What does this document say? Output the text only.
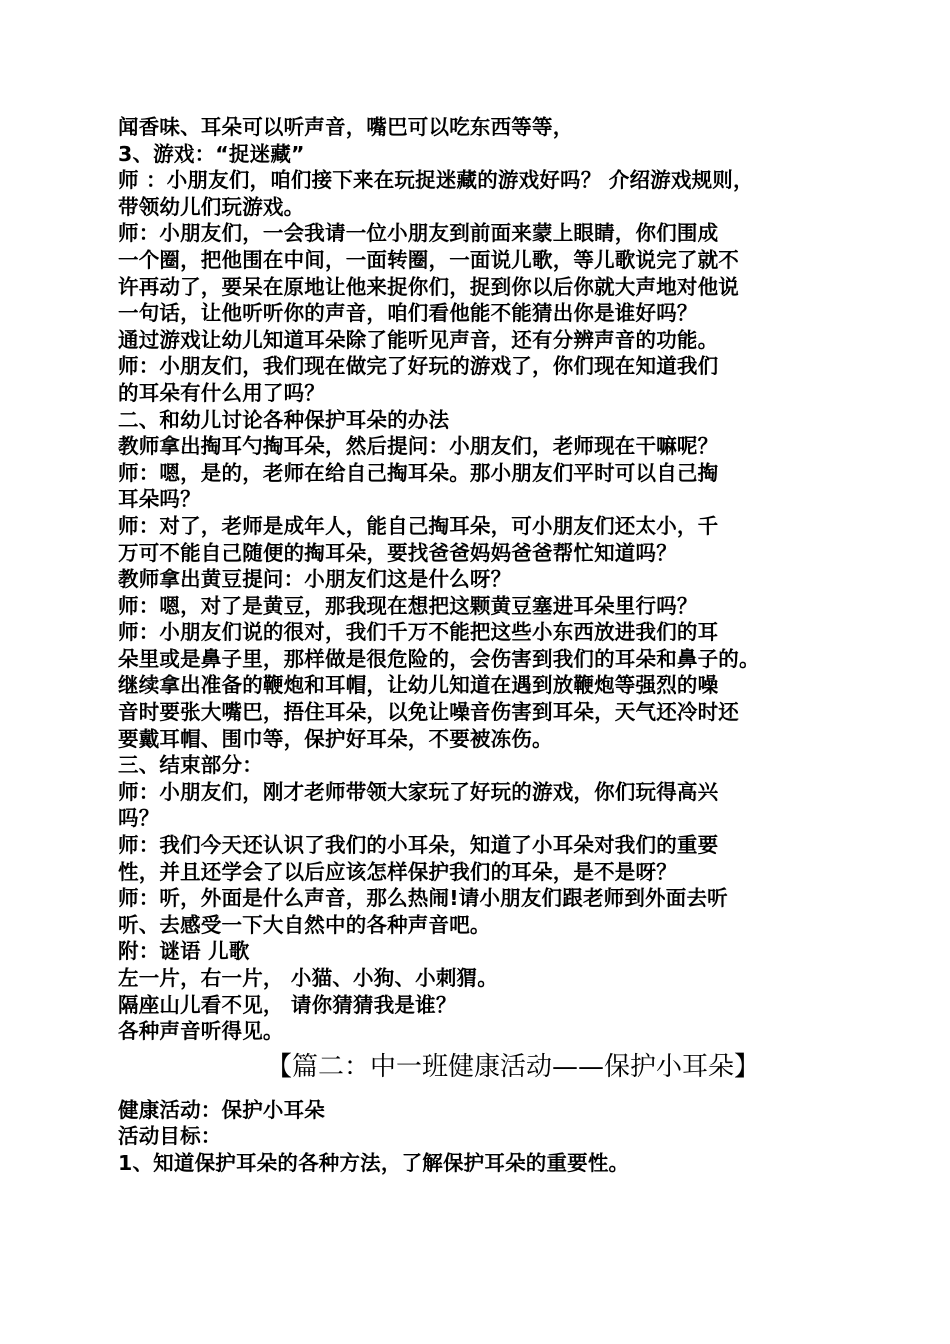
闻香味、耳朵可以听声音，嘴巴可以吃东西等等，
3、游戏：“捉迷藏”
师 ：小朋友们，咱们接下来在玩捉迷藏的游戏好吗？ 介绍游戏规则，
带领幼儿们玩游戏。
师：小朋友们，一会我请一位小朋友到前面来蒙上眼睛，你们围成
一个圈，把他围在中间，一面转圈，一面说儿歌，等儿歌说完了就不
许再动了，要呆在原地让他来捉你们，捉到你以后你就大声地对他说
一句话，让他听听你的声音，咱们看他能不能猜出你是谁好吗？
通过游戏让幼儿知道耳朵除了能听见声音，还有分辨声音的功能。
师：小朋友们，我们现在做完了好玩的游戏了，你们现在知道我们
的耳朵有什么用了吗？
二、和幼儿讨论各种保护耳朵的办法
教师拿出掏耳勺掏耳朵，然后提问：小朋友们，老师现在干嘛呢？
师：嗯，是的，老师在给自己掏耳朵。那小朋友们平时可以自己掏
耳朵吗？
师：对了，老师是成年人，能自己掏耳朵，可小朋友们还太小，千
万可不能自己随便的掏耳朵，要找爸爸妈妈爸爸帮忙知道吗？
教师拿出黄豆提问：小朋友们这是什么呀？
师：嗯，对了是黄豆，那我现在想把这颗黄豆塞进耳朵里行吗？
师：小朋友们说的很对，我们千万不能把这些小东西放进我们的耳
朵里或是鼻子里，那样做是很危险的，会伤害到我们的耳朵和鼻子的。
继续拿出准备的鞭炮和耳帽，让幼儿知道在遇到放鞭炮等强烈的噪
音时要张大嘴巴，捂住耳朵，以免让噪音伤害到耳朵，天气还冷时还
要戴耳帽、围巾等，保护好耳朵，不要被冻伤。
三、结束部分：
师：小朋友们，刚才老师带领大家玩了好玩的游戏，你们玩得高兴
吗？
师：我们今天还认识了我们的小耳朵，知道了小耳朵对我们的重要
性，并且还学会了以后应该怎样保护我们的耳朵，是不是呀？
师：听，外面是什么声音，那么热闹!请小朋友们跟老师到外面去听
听、去感受一下大自然中的各种声音吧。
附：谜语 儿歌
左一片，右一片， 小猫、小狗、小刺猬。
隔座山儿看不见， 请你猜猜我是谁？
各种声音听得见。
【篇二：中一班健康活动——保护小耳朵】
健康活动：保护小耳朵
活动目标：
1、知道保护耳朵的各种方法，了解保护耳朵的重要性。
